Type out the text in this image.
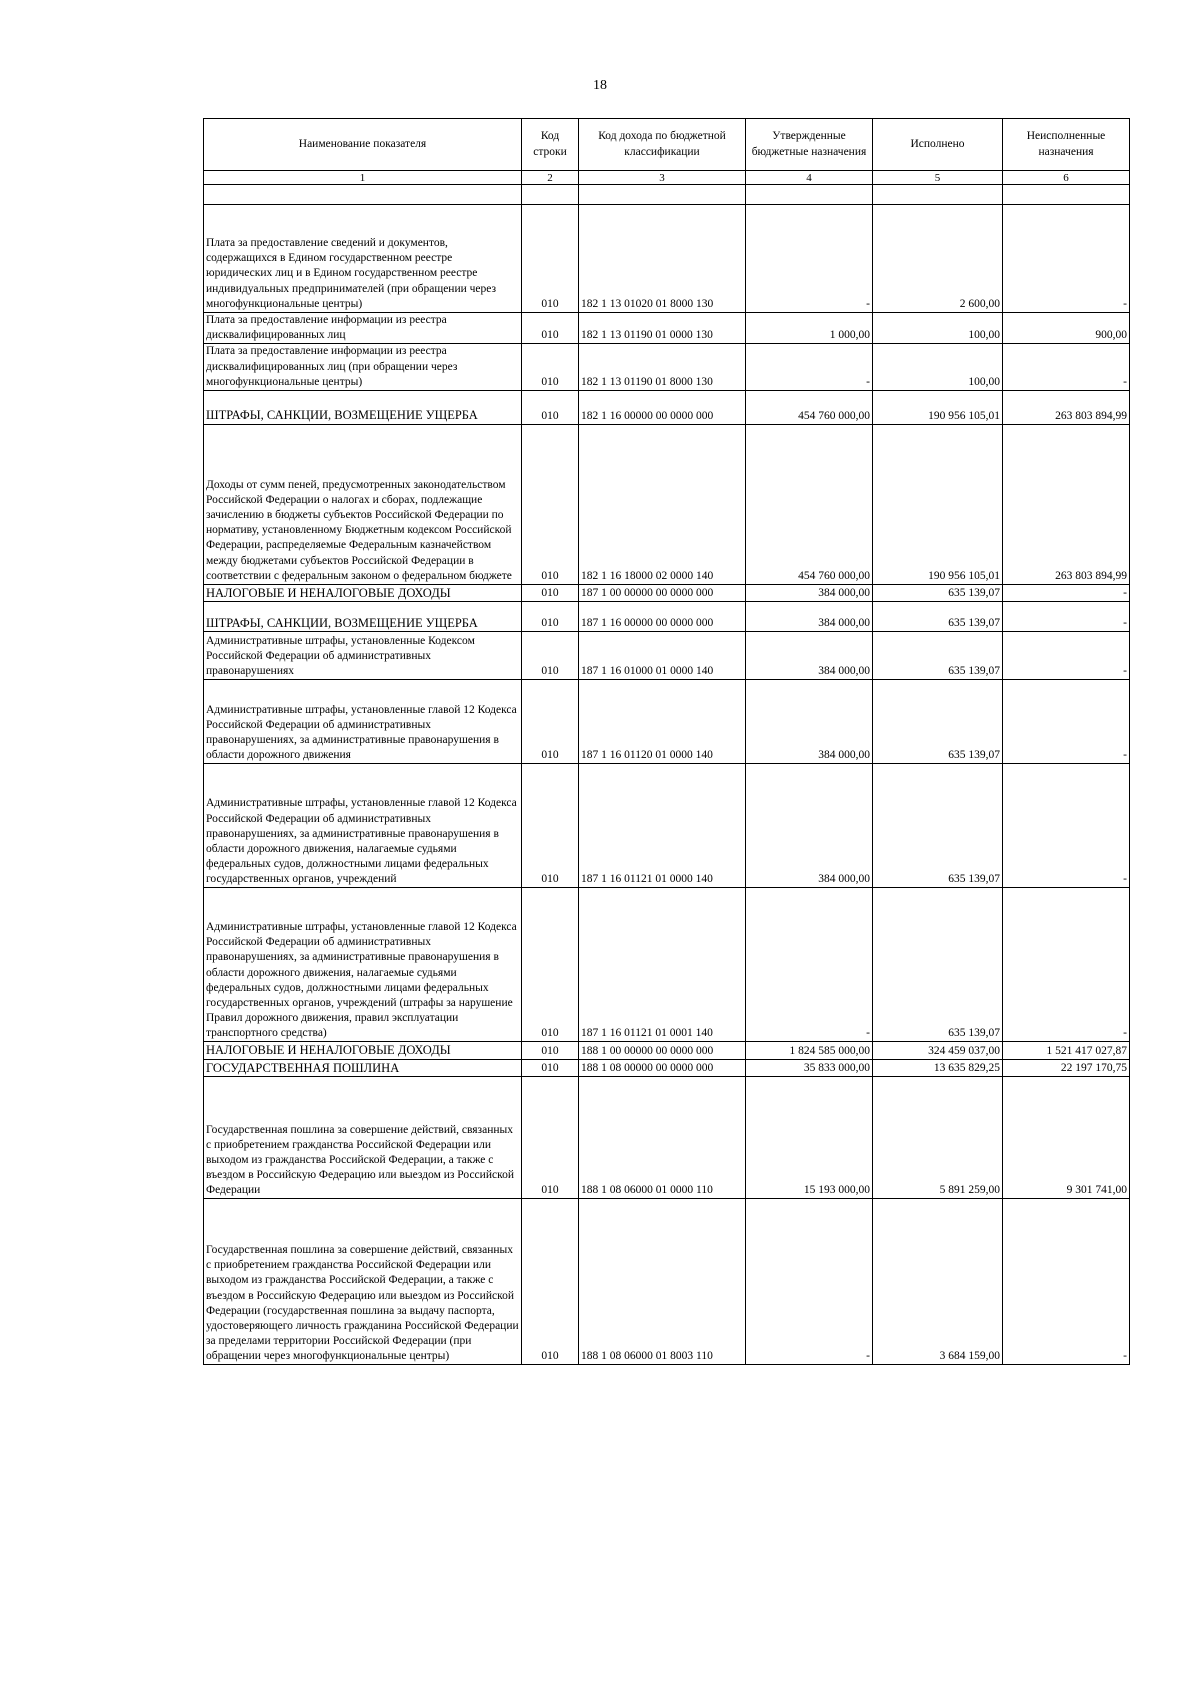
18
Наименование показателя	Код строки	Код дохода по бюджетной классификации	Утвержденные бюджетные назначения	Исполнено	Неисполненные назначения
1	2	3	4	5	6

Плата за предоставление сведений и документов, содержащихся в Едином государственном реестре юридических лиц и в Едином государственном реестре индивидуальных предпринимателей (при обращении через многофункциональные центры)	010	182 1 13 01020 01 8000 130	-	2 600,00	-
Плата за предоставление информации из реестра дисквалифицированных лиц	010	182 1 13 01190 01 0000 130	1 000,00	100,00	900,00
Плата за предоставление информации из реестра дисквалифицированных лиц (при обращении через многофункциональные центры)	010	182 1 13 01190 01 8000 130	-	100,00	-
ШТРАФЫ, САНКЦИИ, ВОЗМЕЩЕНИЕ УЩЕРБА	010	182 1 16 00000 00 0000 000	454 760 000,00	190 956 105,01	263 803 894,99
Доходы от сумм пеней, предусмотренных законодательством Российской Федерации о налогах и сборах, подлежащие зачислению в бюджеты субъектов Российской Федерации по нормативу, установленному Бюджетным кодексом Российской Федерации, распределяемые Федеральным казначейством между бюджетами субъектов Российской Федерации в соответствии с федеральным законом о федеральном бюджете	010	182 1 16 18000 02 0000 140	454 760 000,00	190 956 105,01	263 803 894,99
НАЛОГОВЫЕ И НЕНАЛОГОВЫЕ ДОХОДЫ	010	187 1 00 00000 00 0000 000	384 000,00	635 139,07	-
ШТРАФЫ, САНКЦИИ, ВОЗМЕЩЕНИЕ УЩЕРБА	010	187 1 16 00000 00 0000 000	384 000,00	635 139,07	-
Административные штрафы, установленные Кодексом Российской Федерации об административных правонарушениях	010	187 1 16 01000 01 0000 140	384 000,00	635 139,07	-
Административные штрафы, установленные главой 12 Кодекса Российской Федерации об административных правонарушениях, за административные правонарушения в области дорожного движения	010	187 1 16 01120 01 0000 140	384 000,00	635 139,07	-
Административные штрафы, установленные главой 12 Кодекса Российской Федерации об административных правонарушениях, за административные правонарушения в области дорожного движения, налагаемые судьями федеральных судов, должностными лицами федеральных государственных органов, учреждений	010	187 1 16 01121 01 0000 140	384 000,00	635 139,07	-
Административные штрафы, установленные главой 12 Кодекса Российской Федерации об административных правонарушениях, за административные правонарушения в области дорожного движения, налагаемые судьями федеральных судов, должностными лицами федеральных государственных органов, учреждений (штрафы за нарушение Правил дорожного движения, правил эксплуатации транспортного средства)	010	187 1 16 01121 01 0001 140	-	635 139,07	-
НАЛОГОВЫЕ И НЕНАЛОГОВЫЕ ДОХОДЫ	010	188 1 00 00000 00 0000 000	1 824 585 000,00	324 459 037,00	1 521 417 027,87
ГОСУДАРСТВЕННАЯ ПОШЛИНА	010	188 1 08 00000 00 0000 000	35 833 000,00	13 635 829,25	22 197 170,75
Государственная пошлина за совершение действий, связанных с приобретением гражданства Российской Федерации или выходом из гражданства Российской Федерации, а также с въездом в Российскую Федерацию или выездом из Российской Федерации	010	188 1 08 06000 01 0000 110	15 193 000,00	5 891 259,00	9 301 741,00
Государственная пошлина за совершение действий, связанных с приобретением гражданства Российской Федерации или выходом из гражданства Российской Федерации, а также с въездом в Российскую Федерацию или выездом из Российской Федерации (государственная пошлина за выдачу паспорта, удостоверяющего личность гражданина Российской Федерации за пределами территории Российской Федерации (при обращении через многофункциональные центры)	010	188 1 08 06000 01 8003 110	-	3 684 159,00	-
